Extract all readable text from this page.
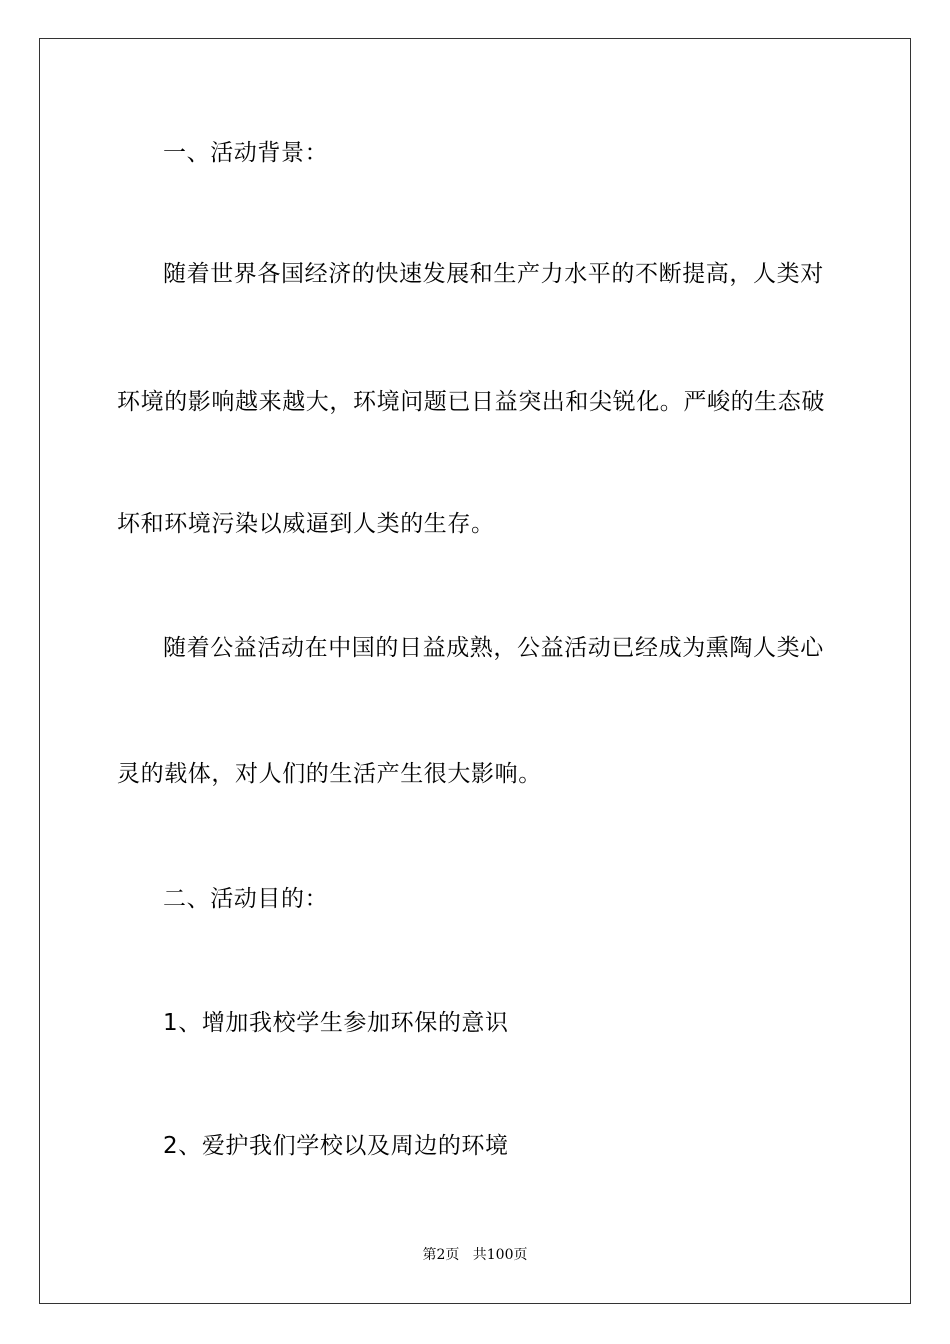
一、活动背景：
随着世界各国经济的快速发展和生产力水平的不断提高，人类对
环境的影响越来越大，环境问题已日益突出和尖锐化。严峻的生态破
坏和环境污染以威逼到人类的生存。
随着公益活动在中国的日益成熟，公益活动已经成为熏陶人类心
灵的载体，对人们的生活产生很大影响。
二、活动目的：
1、增加我校学生参加环保的意识
2、爱护我们学校以及周边的环境
第2页   共100页
